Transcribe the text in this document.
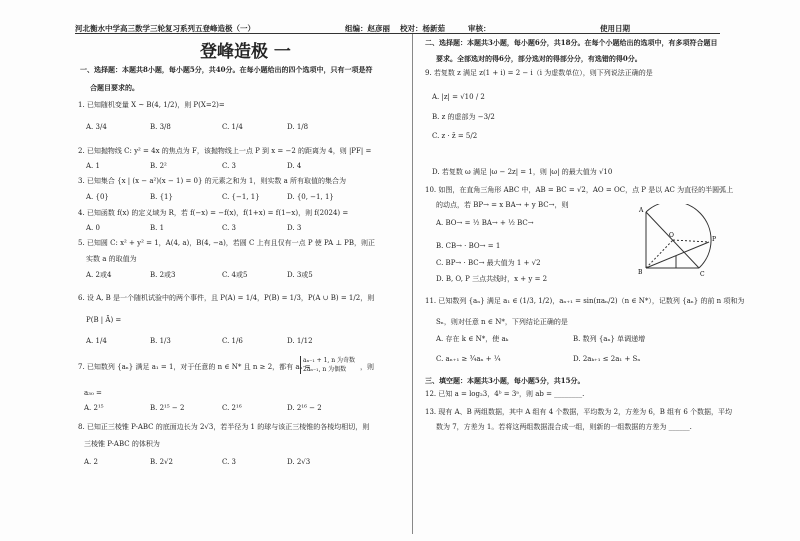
河北衡水中学高三数学三轮复习系列五登峰造极（一）	组编：赵彦丽 校对：杨新茹	审核：	使用日期
登峰造极 一
一、选择题：本题共8小题，每小题5分，共40分。在每小题给出的四个选项中，只有一项是符
合题目要求的。
1. 已知随机变量 X ~ B(4, 1/2)，则 P(X=2)=
A. 3/4	B. 3/8	C. 1/4	D. 1/8
2. 已知抛物线 C: y² = 4x 的焦点为 F，该抛物线上一点 P 到 x = −2 的距离为 4，则 |PF| =
A. 1	B. 2²	C. 3	D. 4
3. 已知集合 {x | (x − a²)(x − 1) = 0} 的元素之和为 1，则实数 a 所有取值的集合为
A. {0}	B. {1}	C. {−1, 1}	D. {0, −1, 1}
4. 已知函数 f(x) 的定义域为 R，若 f(−x) = −f(x)，f(1+x) = f(1−x)，则 f(2024) =
A. 0	B. 1	C. 3	D. 3
5. 已知圆 C: x² + y² = 1，A(4, a)，B(4, −a)，若圆 C 上有且仅有一点 P 使 PA ⊥ PB，则正
实数 a 的取值为
A. 2或4	B. 2或3	C. 4或5	D. 3或5
6. 设 A, B 是一个随机试验中的两个事件，且 P(A) = 1/4，P(B) = 1/3，P(A ∪ B) = 1/2，则
P(B | Ā) =
A. 1/4	B. 1/3	C. 1/6	D. 1/12
7. 已知数列 {aₙ} 满足 a₁ = 1，对于任意的 n ∈ N* 且 n ≥ 2，都有 aₙ =
aₙ₋₁ + 1, n 为奇数
2aₙ₋₁, n 为偶数	，则
a₃₀ =
A. 2¹⁵	B. 2¹⁵ − 2	C. 2¹⁶	D. 2¹⁶ − 2
8. 已知正三棱锥 P-ABC 的底面边长为 2√3，若半径为 1 的球与该正三棱锥的各棱均相切，则
三棱锥 P-ABC 的体积为
A. 2	B. 2√2	C. 3	D. 2√3
二、选择题：本题共3小题，每小题6分，共18分。在每个小题给出的选项中，有多项符合题目
要求。全部选对的得6分，部分选对的得部分分，有选错的得0分。
9. 若复数 z 满足 z(1 + i) = 2 − i（i 为虚数单位），则下列说法正确的是
A. |z| = √10 / 2
B. z 的虚部为 −3/2
C. z · z̄ = 5/2
D. 若复数 ω 满足 |ω − 2z| = 1，则 |ω| 的最大值为 √10
10. 如图，在直角三角形 ABC 中，AB = BC = √2，AO = OC，点 P 是以 AC 为直径的半圆弧上
的动点，若 BP→ = x BA→ + y BC→，则
A. BO→ = ½ BA→ + ½ BC→
B. CB→ · BO→ = 1
C. BP→ · BC→ 最大值为 1 + √2
D. B, O, P 三点共线时，x + y = 2
A
O
P
B	C
11. 已知数列 {aₙ} 满足 a₁ ∈ (1/3, 1/2)，aₙ₊₁ = sin(πaₙ/2)（n ∈ N*），记数列 {aₙ} 的前 n 项和为
Sₙ，则对任意 n ∈ N*，下列结论正确的是
A. 存在 k ∈ N*，使 aₖ	B. 数列 {aₙ} 单调递增
C. aₙ₊₁ ≥ ¾aₙ + ¼	D. 2aₖ₊₁ ≤ 2a₁ + Sₙ
三、填空题：本题共3小题，每小题5分，共15分。
12. 已知 a = log₂3，4ᵇ = 3ᵃ，则 ab = ________.
13. 现有 A、B 两组数据，其中 A 组有 4 个数据，平均数为 2，方差为 6，B 组有 6 个数据，平均
数为 7，方差为 1。若将这两组数据混合成一组，则新的一组数据的方差为 ______.
